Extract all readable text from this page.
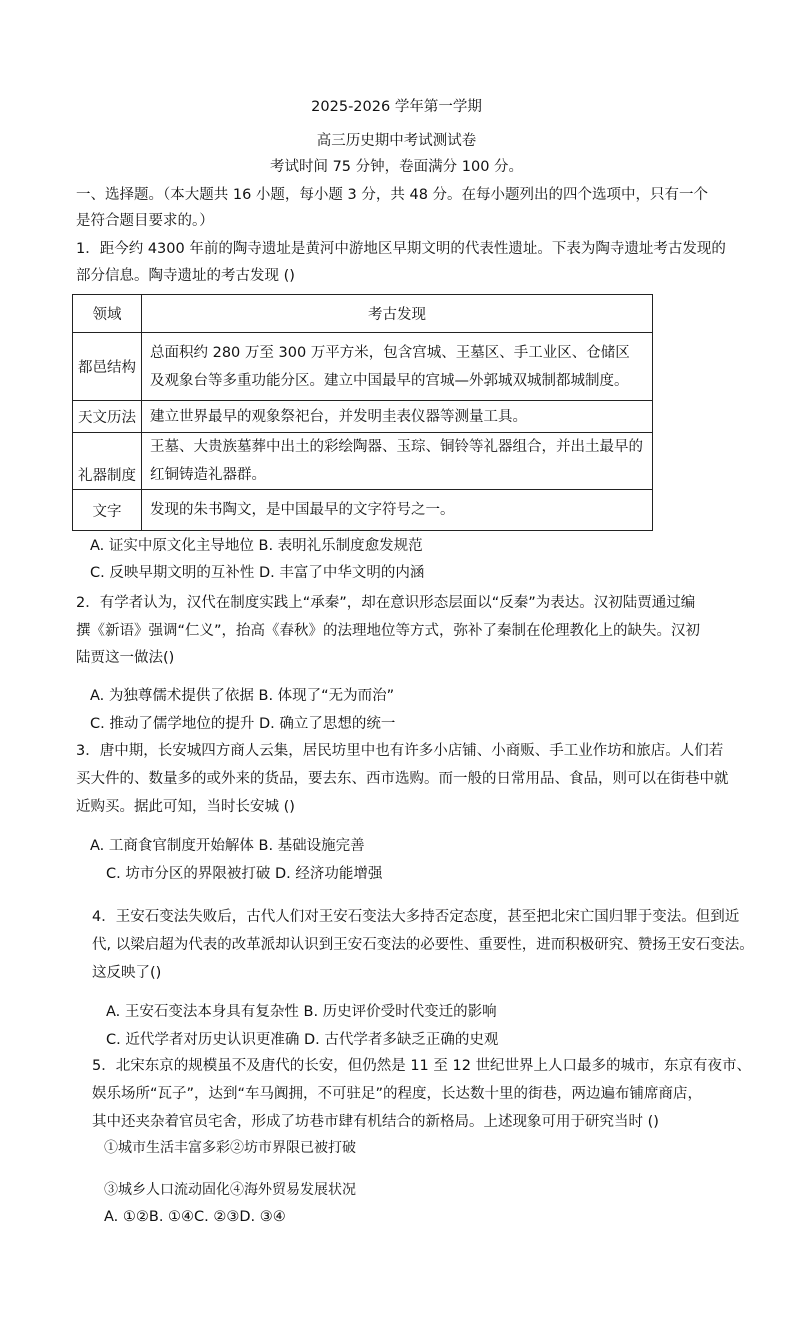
2025-2026 学年第一学期
高三历史期中考试测试卷
考试时间 75 分钟，卷面满分 100 分。
一、选择题。（本大题共 16 小题，每小题 3 分，共 48 分。在每小题列出的四个选项中，只有一个
是符合题目要求的。）
1．距今约 4300 年前的陶寺遗址是黄河中游地区早期文明的代表性遗址。下表为陶寺遗址考古发现的
部分信息。陶寺遗址的考古发现 ()
领域	考古发现
都邑结构	总面积约 280 万至 300 万平方米，包含宫城、王墓区、手工业区、仓储区及观象台等多重功能分区。建立中国最早的宫城—外郭城双城制都城制度。
天文历法	建立世界最早的观象祭祀台，并发明圭表仪器等测量工具。
礼器制度	王墓、大贵族墓葬中出土的彩绘陶器、玉琮、铜铃等礼器组合，并出土最早的红铜铸造礼器群。
文字	发现的朱书陶文，是中国最早的文字符号之一。
A. 证实中原文化主导地位 B. 表明礼乐制度愈发规范
C. 反映早期文明的互补性 D. 丰富了中华文明的内涵
2．有学者认为，汉代在制度实践上“承秦”，却在意识形态层面以“反秦”为表达。汉初陆贾通过编
撰《新语》强调“仁义”，抬高《春秋》的法理地位等方式，弥补了秦制在伦理教化上的缺失。汉初
陆贾这一做法()
A. 为独尊儒术提供了依据 B. 体现了“无为而治”
C. 推动了儒学地位的提升 D. 确立了思想的统一
3．唐中期，长安城四方商人云集，居民坊里中也有许多小店铺、小商贩、手工业作坊和旅店。人们若
买大件的、数量多的或外来的货品，要去东、西市选购。而一般的日常用品、食品，则可以在街巷中就
近购买。据此可知，当时长安城 ()
A. 工商食官制度开始解体 B. 基础设施完善
C. 坊市分区的界限被打破 D. 经济功能增强
4．王安石变法失败后，古代人们对王安石变法大多持否定态度，甚至把北宋亡国归罪于变法。但到近
代, 以梁启超为代表的改革派却认识到王安石变法的必要性、重要性，进而积极研究、赞扬王安石变法。
这反映了()
A. 王安石变法本身具有复杂性 B. 历史评价受时代变迁的影响
C. 近代学者对历史认识更准确 D. 古代学者多缺乏正确的史观
5．北宋东京的规模虽不及唐代的长安，但仍然是 11 至 12 世纪世界上人口最多的城市，东京有夜市、
娱乐场所“瓦子”，达到“车马阗拥，不可驻足”的程度，长达数十里的街巷，两边遍布铺席商店，
其中还夹杂着官员宅舍，形成了坊巷市肆有机结合的新格局。上述现象可用于研究当时 ()
①城市生活丰富多彩②坊市界限已被打破
③城乡人口流动固化④海外贸易发展状况
A. ①②B. ①④C. ②③D. ③④
